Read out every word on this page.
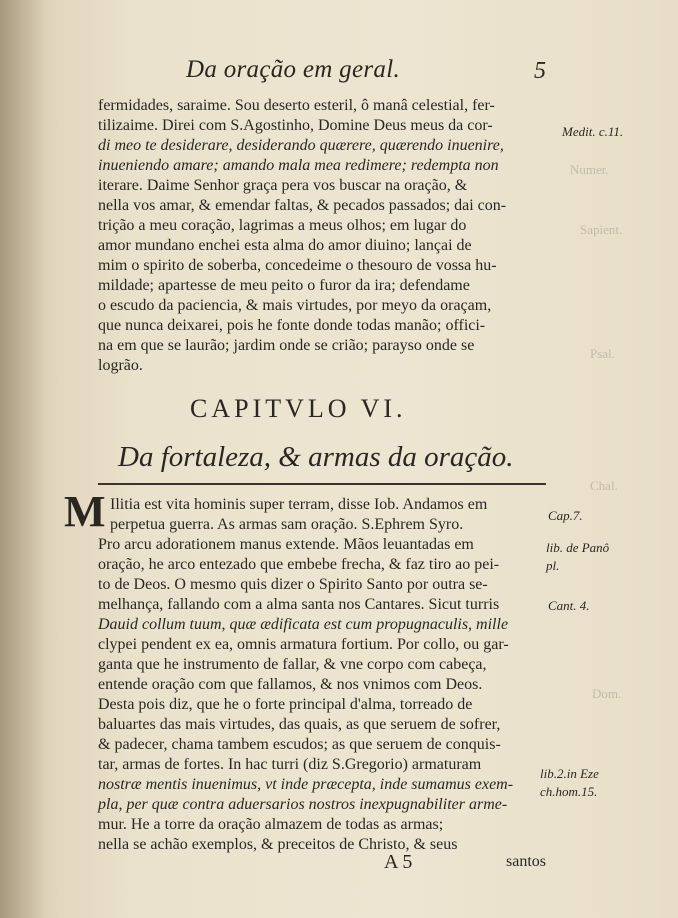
Da oração em geral.	5
fermidades, saraime. Sou deserto esteril, ô manâ celestial, fer-
tilizaime. Direi com S.Agostinho, Domine Deus meus da cor-
di meo te desiderare, desiderando quærere, quærendo inuenire,
inueniendo amare; amando mala mea redimere; redempta non
iterare. Daime Senhor graça pera vos buscar na oração, &
nella vos amar, & emendar faltas, & pecados passados; dai con-
trição a meu coração, lagrimas a meus olhos; em lugar do
amor mundano enchei esta alma do amor diuino; lançai de
mim o spirito de soberba, concedeime o thesouro de vossa hu-
mildade; apartesse de meu peito o furor da ira; defendame
o escudo da paciencia, & mais virtudes, por meyo da oraçam,
que nunca deixarei, pois he fonte donde todas manão; offici-
na em que se laurão; jardim onde se crião; parayso onde se
logrão.
CAPITVLO VI.
Da fortaleza, & armas da oração.
M Ilitia est vita hominis super terram, disse Iob. Andamos em
perpetua guerra. As armas sam oração. S.Ephrem Syro.
Pro arcu adorationem manus extende. Mãos leuantadas em
oração, he arco entezado que embebe frecha, & faz tiro ao pei-
to de Deos. O mesmo quis dizer o Spirito Santo por outra se-
melhança, fallando com a alma santa nos Cantares. Sicut turris
Dauid collum tuum, quæ ædificata est cum propugnaculis, mille
clypei pendent ex ea, omnis armatura fortium. Por collo, ou gar-
ganta que he instrumento de fallar, & vne corpo com cabeça,
entende oração com que fallamos, & nos vnimos com Deos.
Desta pois diz, que he o forte principal d'alma, torreado de
baluartes das mais virtudes, das quais, as que seruem de sofrer,
& padecer, chama tambem escudos; as que seruem de conquis-
tar, armas de fortes. In hac turri (diz S.Gregorio) armaturam
nostræ mentis inuenimus, vt inde præcepta, inde sumamus exem-
pla, per quæ contra aduersarios nostros inexpugnabiliter arme-
mur. He a torre da oração almazem de todas as armas;
nella se achão exemplos, & preceitos de Christo, & seus
Medit. c.11.
Cap.7.
lib. de Panô
pl.
Cant. 4.
lib.2.in Eze
ch.hom.15.
Numer.
Sapient.
Psal.
Chal.
Dom.
A 5	santos
